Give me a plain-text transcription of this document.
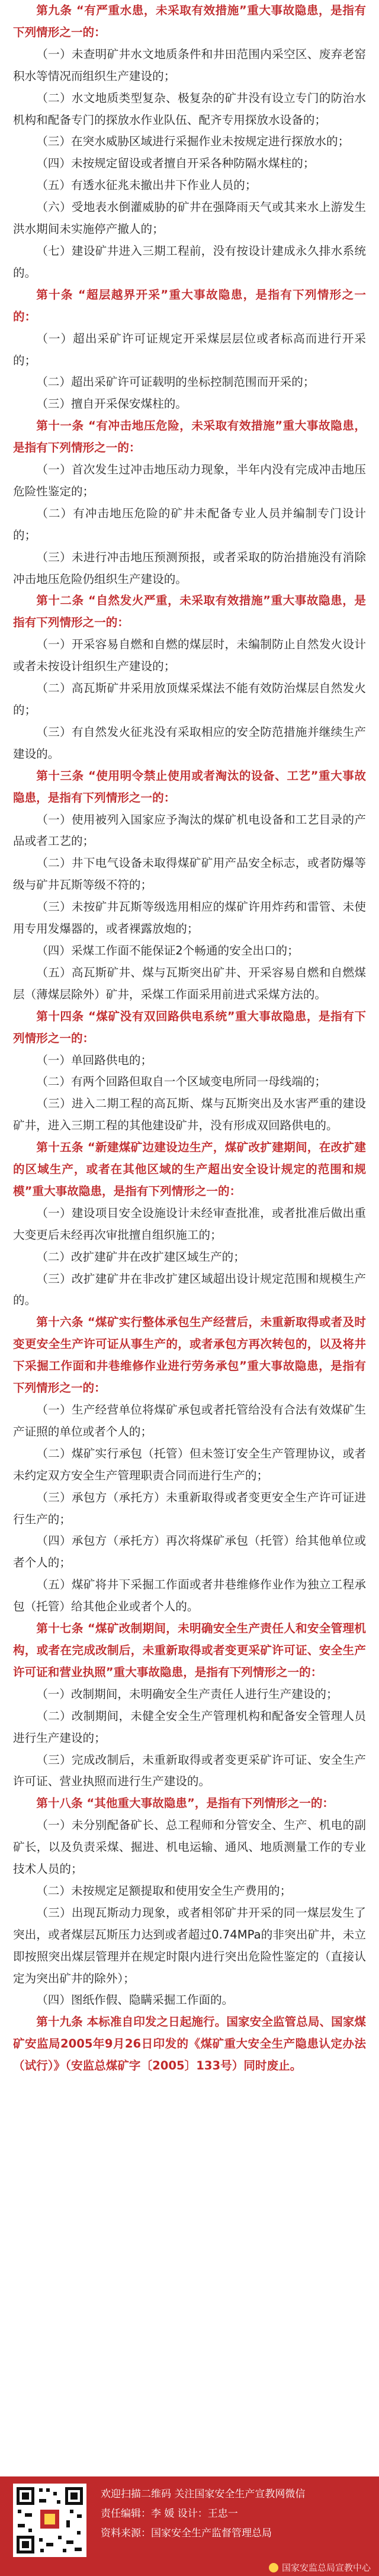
第九条 “有严重水患，未采取有效措施”重大事故隐患，是指有下列情形之一的：

（一）未查明矿井水文地质条件和井田范围内采空区、废弃老窑积水等情况而组织生产建设的；

（二）水文地质类型复杂、极复杂的矿井没有设立专门的防治水机构和配备专门的探放水作业队伍、配齐专用探放水设备的；

（三）在突水威胁区域进行采掘作业未按规定进行探放水的；

（四）未按规定留设或者擅自开采各种防隔水煤柱的；

（五）有透水征兆未撤出井下作业人员的；

（六）受地表水倒灌威胁的矿井在强降雨天气或其来水上游发生洪水期间未实施停产撤人的；

（七）建设矿井进入三期工程前，没有按设计建成永久排水系统的。

第十条 “超层越界开采”重大事故隐患，是指有下列情形之一的：

（一）超出采矿许可证规定开采煤层层位或者标高而进行开采的；

（二）超出采矿许可证载明的坐标控制范围而开采的；

（三）擅自开采保安煤柱的。

第十一条 “有冲击地压危险，未采取有效措施”重大事故隐患，是指有下列情形之一的：

（一）首次发生过冲击地压动力现象，半年内没有完成冲击地压危险性鉴定的；

（二）有冲击地压危险的矿井未配备专业人员并编制专门设计的；

（三）未进行冲击地压预测预报，或者采取的防治措施没有消除冲击地压危险仍组织生产建设的。

第十二条 “自然发火严重，未采取有效措施”重大事故隐患，是指有下列情形之一的：

（一）开采容易自燃和自燃的煤层时，未编制防止自然发火设计或者未按设计组织生产建设的；

（二）高瓦斯矿井采用放顶煤采煤法不能有效防治煤层自然发火的；

（三）有自然发火征兆没有采取相应的安全防范措施并继续生产建设的。

第十三条 “使用明令禁止使用或者淘汰的设备、工艺”重大事故隐患，是指有下列情形之一的：

（一）使用被列入国家应予淘汰的煤矿机电设备和工艺目录的产品或者工艺的；

（二）井下电气设备未取得煤矿矿用产品安全标志，或者防爆等级与矿井瓦斯等级不符的；

（三）未按矿井瓦斯等级选用相应的煤矿许用炸药和雷管、未使用专用发爆器的，或者裸露放炮的；

（四）采煤工作面不能保证2个畅通的安全出口的；

（五）高瓦斯矿井、煤与瓦斯突出矿井、开采容易自燃和自燃煤层（薄煤层除外）矿井，采煤工作面采用前进式采煤方法的。

第十四条 “煤矿没有双回路供电系统”重大事故隐患，是指有下列情形之一的：

（一）单回路供电的；

（二）有两个回路但取自一个区域变电所同一母线端的；

（三）进入二期工程的高瓦斯、煤与瓦斯突出及水害严重的建设矿井，进入三期工程的其他建设矿井，没有形成双回路供电的。

第十五条 “新建煤矿边建设边生产，煤矿改扩建期间，在改扩建的区域生产，或者在其他区域的生产超出安全设计规定的范围和规模”重大事故隐患，是指有下列情形之一的：

（一）建设项目安全设施设计未经审查批准，或者批准后做出重大变更后未经再次审批擅自组织施工的；

（二）改扩建矿井在改扩建区域生产的；

（三）改扩建矿井在非改扩建区域超出设计规定范围和规模生产的。

第十六条 “煤矿实行整体承包生产经营后，未重新取得或者及时变更安全生产许可证从事生产的，或者承包方再次转包的，以及将井下采掘工作面和井巷维修作业进行劳务承包”重大事故隐患，是指有下列情形之一的：

（一）生产经营单位将煤矿承包或者托管给没有合法有效煤矿生产证照的单位或者个人的；

（二）煤矿实行承包（托管）但未签订安全生产管理协议，或者未约定双方安全生产管理职责合同而进行生产的；

（三）承包方（承托方）未重新取得或者变更安全生产许可证进行生产的；

（四）承包方（承托方）再次将煤矿承包（托管）给其他单位或者个人的；

（五）煤矿将井下采掘工作面或者井巷维修作业作为独立工程承包（托管）给其他企业或者个人的。

第十七条 “煤矿改制期间，未明确安全生产责任人和安全管理机构，或者在完成改制后，未重新取得或者变更采矿许可证、安全生产许可证和营业执照”重大事故隐患，是指有下列情形之一的：

（一）改制期间，未明确安全生产责任人进行生产建设的；

（二）改制期间，未健全安全生产管理机构和配备安全管理人员进行生产建设的；

（三）完成改制后，未重新取得或者变更采矿许可证、安全生产许可证、营业执照而进行生产建设的。

第十八条 “其他重大事故隐患”，是指有下列情形之一的：

（一）未分别配备矿长、总工程师和分管安全、生产、机电的副矿长，以及负责采煤、掘进、机电运输、通风、地质测量工作的专业技术人员的；

（二）未按规定足额提取和使用安全生产费用的；

（三）出现瓦斯动力现象，或者相邻矿井开采的同一煤层发生了突出，或者煤层瓦斯压力达到或者超过0.74MPa的非突出矿井，未立即按照突出煤层管理并在规定时限内进行突出危险性鉴定的（直接认定为突出矿井的除外）；

（四）图纸作假、隐瞒采掘工作面的。

第十九条 本标准自印发之日起施行。国家安全监管总局、国家煤矿安监局2005年9月26日印发的《煤矿重大安全生产隐患认定办法（试行）》（安监总煤矿字〔2005〕133号）同时废止。

欢迎扫描二维码 关注国家安全生产宣教网微信
责任编辑：李 媛 设计：王忠一
资料来源：国家安全生产监督管理总局
国家安监总局宣教中心
